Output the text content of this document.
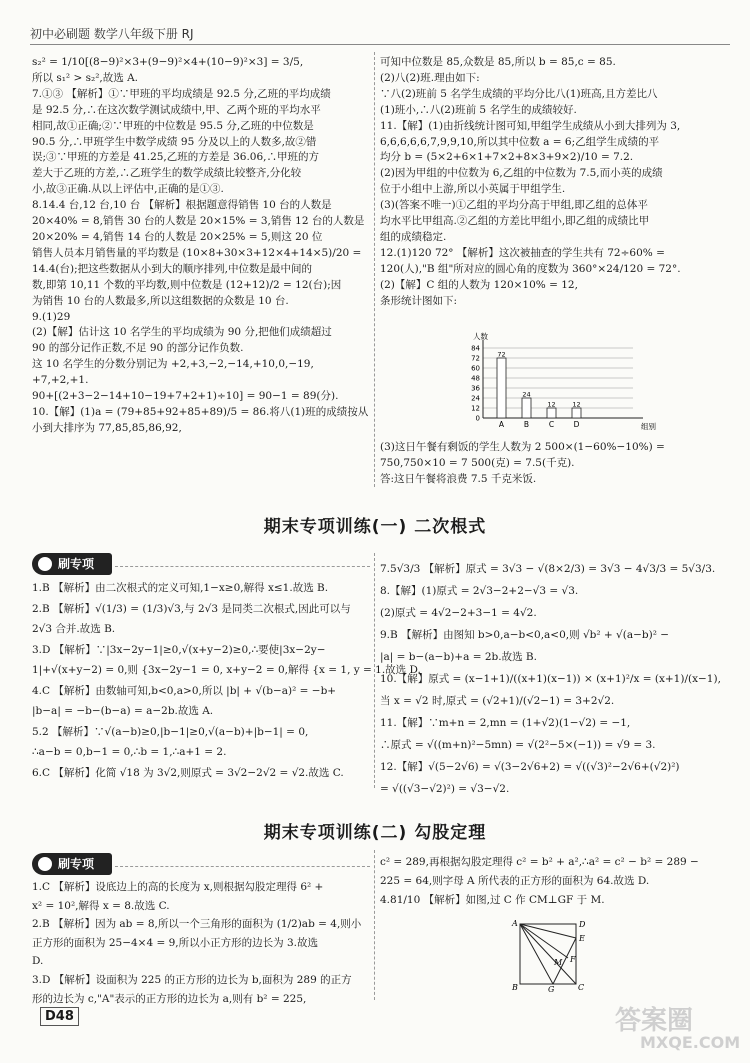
初中必刷题 数学八年级下册 RJ

s₂² = 1/10[(8−9)²×3+(9−9)²×4+(10−9)²×3] = 3/5,

所以 s₁² > s₂²,故选 A.

7.①③ 【解析】①∵甲班的平均成绩是 92.5 分,乙班的平均成绩

是 92.5 分,∴在这次数学测试成绩中,甲、乙两个班的平均水平

相同,故①正确;②∵甲班的中位数是 95.5 分,乙班的中位数是

90.5 分,∴甲班学生中数学成绩 95 分及以上的人数多,故②错

误;③∵甲班的方差是 41.25,乙班的方差是 36.06,∴甲班的方

差大于乙班的方差,∴乙班学生的数学成绩比较整齐,分化较

小,故③正确.从以上评估中,正确的是①③.

8.14.4 台,12 台,10 台 【解析】根据题意得销售 10 台的人数是

20×40% = 8,销售 30 台的人数是 20×15% = 3,销售 12 台的人数是

20×20% = 4,销售 14 台的人数是 20×25% = 5,则这 20 位

销售人员本月销售量的平均数是 (10×8+30×3+12×4+14×5)/20 =

14.4(台);把这些数据从小到大的顺序排列,中位数是最中间的

数,即第 10,11 个数的平均数,则中位数是 (12+12)/2 = 12(台);因

为销售 10 台的人数最多,所以这组数据的众数是 10 台.

9.(1)29

(2)【解】估计这 10 名学生的平均成绩为 90 分,把他们成绩超过

90 的部分记作正数,不足 90 的部分记作负数.

这 10 名学生的分数分别记为 +2,+3,−2,−14,+10,0,−19,

+7,+2,+1.

90+[(2+3−2−14+10−19+7+2+1)÷10] = 90−1 = 89(分).

10.【解】(1)a = (79+85+92+85+89)/5 = 86.将八(1)班的成绩按从

小到大排序为 77,85,85,86,92,

可知中位数是 85,众数是 85,所以 b = 85,c = 85.

(2)八(2)班.理由如下:

∵八(2)班前 5 名学生成绩的平均分比八(1)班高,且方差比八

(1)班小,∴八(2)班前 5 名学生的成绩较好.

11.【解】(1)由折线统计图可知,甲组学生成绩从小到大排列为 3,

6,6,6,6,6,7,9,9,10,所以其中位数 a = 6;乙组学生成绩的平

均分 b = (5×2+6×1+7×2+8×3+9×2)/10 = 7.2.

(2)因为甲组的中位数为 6,乙组的中位数为 7.5,而小英的成绩

位于小组中上游,所以小英属于甲组学生.

(3)(答案不唯一)①乙组的平均分高于甲组,即乙组的总体平

均水平比甲组高.②乙组的方差比甲组小,即乙组的成绩比甲

组的成绩稳定.

12.(1)120 72° 【解析】这次被抽查的学生共有 72÷60% =

120(人),"B 组"所对应的圆心角的度数为 360°×24/120 = 72°.

(2)【解】C 组的人数为 120×10% = 12,

条形统计图如下:

0
12
24
36
48
60
72
84
人数
组别
72
A
24
B
12
C
12
D

(3)这日午餐有剩饭的学生人数为 2 500×(1−60%−10%) =

750,750×10 = 7 500(克) = 7.5(千克).

答:这日午餐将浪费 7.5 千克米饭.

期末专项训练(一) 二次根式
刷专项

1.B 【解析】由二次根式的定义可知,1−x≥0,解得 x≤1.故选 B.

2.B 【解析】√(1/3) = (1/3)√3,与 2√3 是同类二次根式,因此可以与

2√3 合并.故选 B.

3.D 【解析】∵|3x−2y−1|≥0,√(x+y−2)≥0,∴要使|3x−2y−

1|+√(x+y−2) = 0,则 {3x−2y−1 = 0, x+y−2 = 0,解得 {x = 1, y = 1.故选 D.

4.C 【解析】由数轴可知,b<0,a>0,所以 |b| + √(b−a)² = −b+

|b−a| = −b−(b−a) = a−2b.故选 A.

5.2 【解析】∵√(a−b)≥0,|b−1|≥0,√(a−b)+|b−1| = 0,

∴a−b = 0,b−1 = 0,∴b = 1,∴a+1 = 2.

6.C 【解析】化简 √18 为 3√2,则原式 = 3√2−2√2 = √2.故选 C.

7.5√3/3 【解析】原式 = 3√3 − √(8×2/3) = 3√3 − 4√3/3 = 5√3/3.

8.【解】(1)原式 = 2√3−2+2−√3 = √3.

(2)原式 = 4√2−2+3−1 = 4√2.

9.B 【解析】由图知 b>0,a−b<0,a<0,则 √b² + √(a−b)² −

|a| = b−(a−b)+a = 2b.故选 B.

10.【解】原式 = (x−1+1)/((x+1)(x−1)) × (x+1)²/x = (x+1)/(x−1),

当 x = √2 时,原式 = (√2+1)/(√2−1) = 3+2√2.

11.【解】∵m+n = 2,mn = (1+√2)(1−√2) = −1,

∴原式 = √((m+n)²−5mn) = √(2²−5×(−1)) = √9 = 3.

12.【解】√(5−2√6) = √(3−2√6+2) = √((√3)²−2√6+(√2)²)

= √((√3−√2)²) = √3−√2.

期末专项训练(二) 勾股定理
刷专项

1.C 【解析】设底边上的高的长度为 x,则根据勾股定理得 6² +

x² = 10²,解得 x = 8.故选 C.

2.B 【解析】因为 ab = 8,所以一个三角形的面积为 (1/2)ab = 4,则小

正方形的面积为 25−4×4 = 9,所以小正方形的边长为 3.故选

D.

3.D 【解析】设面积为 225 的正方形的边长为 b,面积为 289 的正方

形的边长为 c,"A"表示的正方形的边长为 a,则有 b² = 225,

c² = 289,再根据勾股定理得 c² = b² + a²,∴a² = c² − b² = 289 −

225 = 64,则字母 A 所代表的正方形的面积为 64.故选 D.

4.81/10 【解析】如图,过 C 作 CM⊥GF 于 M.

A	D
E
F
M
B	G	C
D48	答案圈
MXQE.COM
